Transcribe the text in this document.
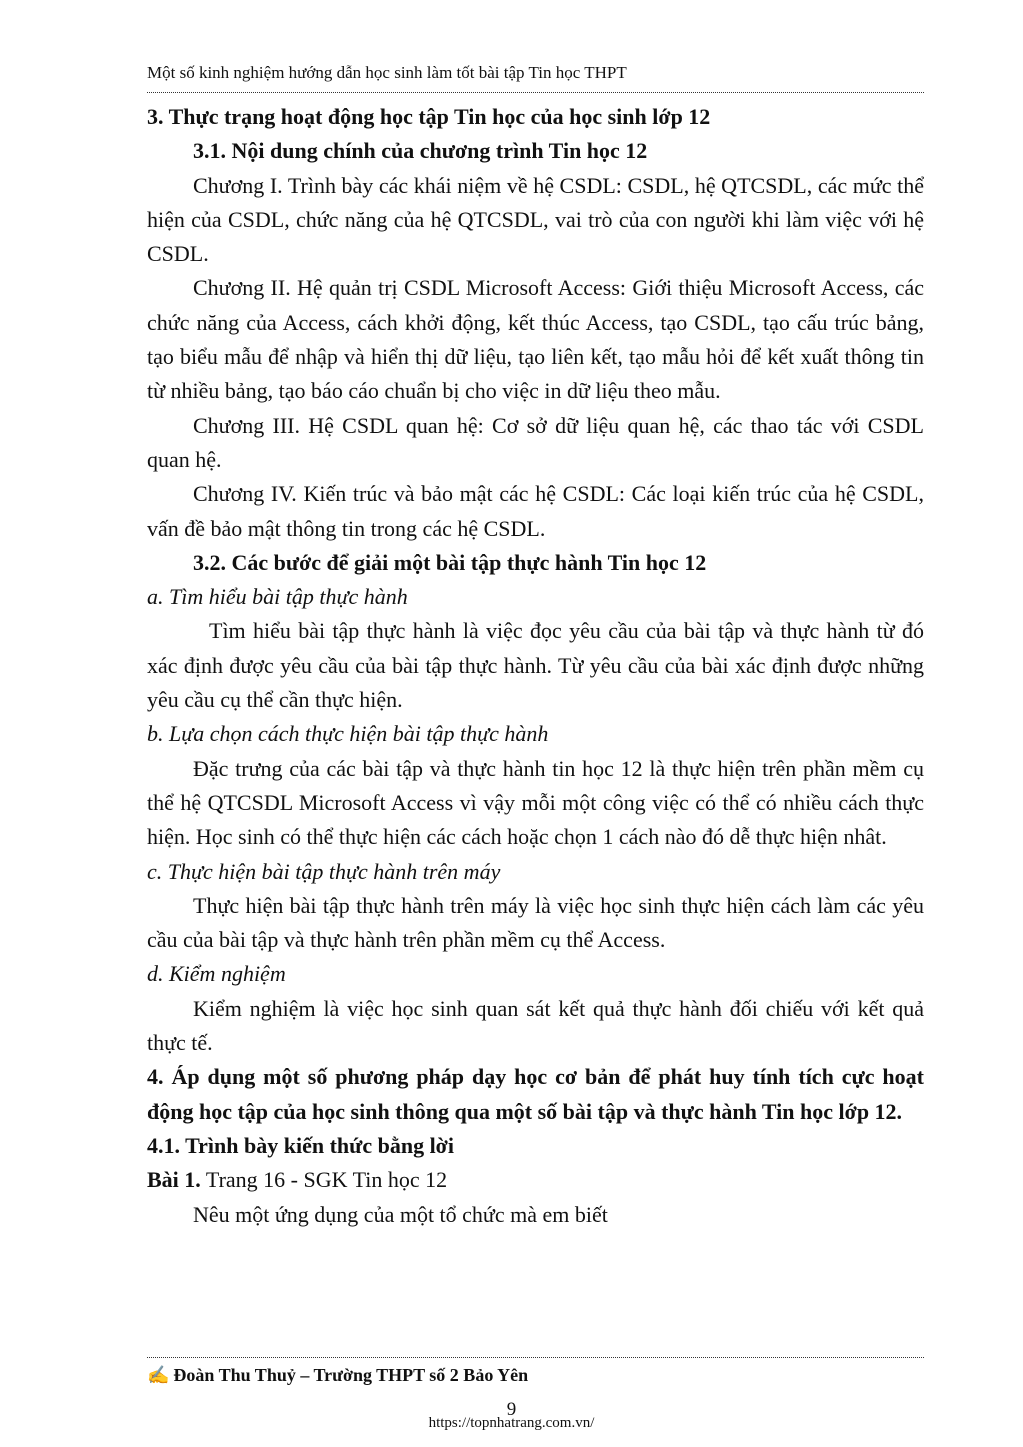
Một số kinh nghiệm hướng dẫn học sinh làm tốt bài tập Tin học THPT

3. Thực trạng hoạt động học tập Tin học của học sinh lớp 12

3.1. Nội dung chính của chương trình Tin học 12

Chương I. Trình bày các khái niệm về hệ CSDL: CSDL, hệ QTCSDL, các mức thể hiện của CSDL, chức năng của hệ QTCSDL, vai trò của con người khi làm việc với hệ CSDL.

Chương II. Hệ quản trị CSDL Microsoft Access: Giới thiệu Microsoft Access, các chức năng của Access, cách khởi động, kết thúc Access, tạo CSDL, tạo cấu trúc bảng, tạo biểu mẫu để nhập và hiển thị dữ liệu, tạo liên kết, tạo mẫu hỏi để kết xuất thông tin từ nhiều bảng, tạo báo cáo chuẩn bị cho việc in dữ liệu theo mẫu.

Chương III. Hệ CSDL quan hệ: Cơ sở dữ liệu quan hệ, các thao tác với CSDL quan hệ.

Chương IV. Kiến trúc và bảo mật các hệ CSDL: Các loại kiến trúc của hệ CSDL, vấn đề bảo mật thông tin trong các hệ CSDL.

3.2. Các bước để giải một bài tập thực hành Tin học 12

a. Tìm hiểu bài tập thực hành

Tìm hiểu bài tập thực hành là việc đọc yêu cầu của bài tập và thực hành từ đó xác định được yêu cầu của bài tập thực hành. Từ yêu cầu của bài xác định được những yêu cầu cụ thể cần thực hiện.

b. Lựa chọn cách thực hiện bài tập thực hành

Đặc trưng của các bài tập và thực hành tin học 12 là thực hiện trên phần mềm cụ thể hệ QTCSDL Microsoft Access vì vậy mỗi một công việc có thể có nhiều cách thực hiện. Học sinh có thể thực hiện các cách hoặc chọn 1 cách nào đó dễ thực hiện nhât.

c. Thực hiện bài tập thực hành trên máy

Thực hiện bài tập thực hành trên máy là việc học sinh thực hiện cách làm các yêu cầu của bài tập và thực hành trên phần mềm cụ thể Access.

d. Kiểm nghiệm

Kiểm nghiệm là việc học sinh quan sát kết quả thực hành đối chiếu với kết quả thực tế.

4. Áp dụng một số phương pháp dạy học cơ bản để phát huy tính tích cực hoạt động học tập của học sinh thông qua một số bài tập và thực hành Tin học lớp 12.

4.1. Trình bày kiến thức bằng lời

Bài 1. Trang 16 - SGK Tin học 12

Nêu một ứng dụng của một tổ chức mà em biết

✍ Đoàn Thu Thuỷ – Trường THPT số 2 Bảo Yên
9
https://topnhatrang.com.vn/
